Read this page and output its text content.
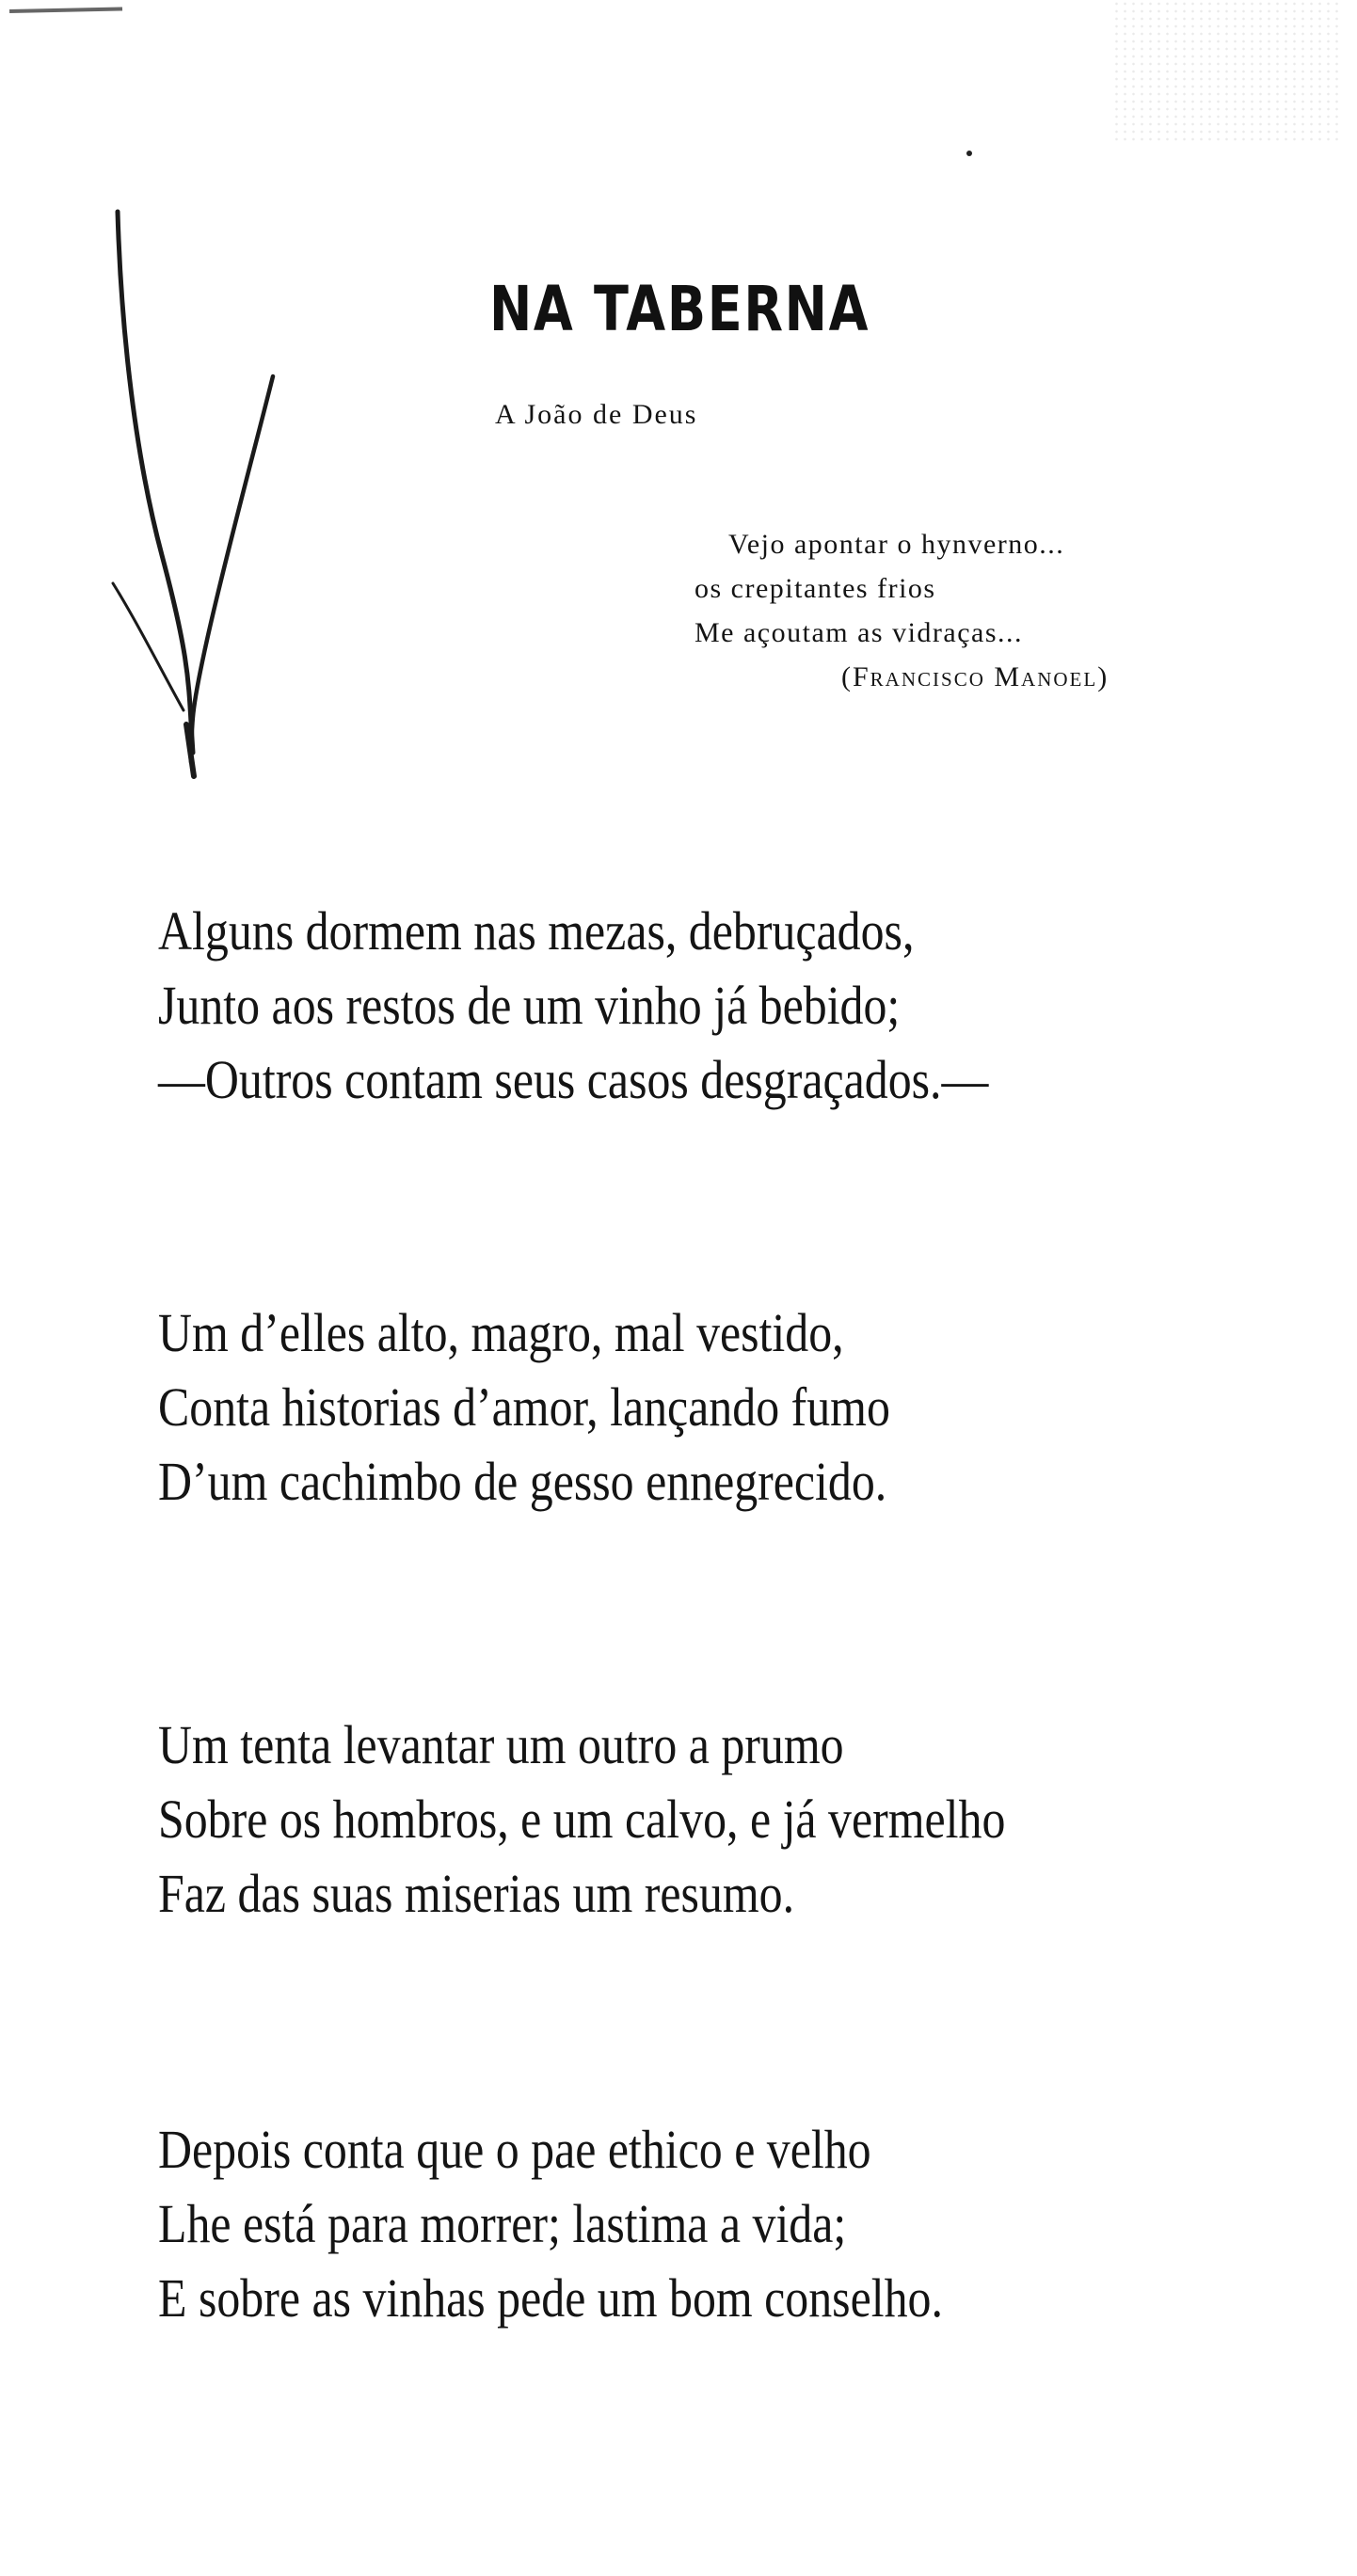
NA TABERNA
A João de Deus
Vejo apontar o hynverno...
os crepitantes frios
Me açoutam as vidraças...
(Francisco Manoel)
Alguns dormem nas mezas, debruçados,
Junto aos restos de um vinho já bebido;
—Outros contam seus casos desgraçados.—
Um d’elles alto, magro, mal vestido,
Conta historias d’amor, lançando fumo
D’um cachimbo de gesso ennegrecido.
Um tenta levantar um outro a prumo
Sobre os hombros, e um calvo, e já vermelho
Faz das suas miserias um resumo.
Depois conta que o pae ethico e velho
Lhe está para morrer; lastima a vida;
E sobre as vinhas pede um bom conselho.
